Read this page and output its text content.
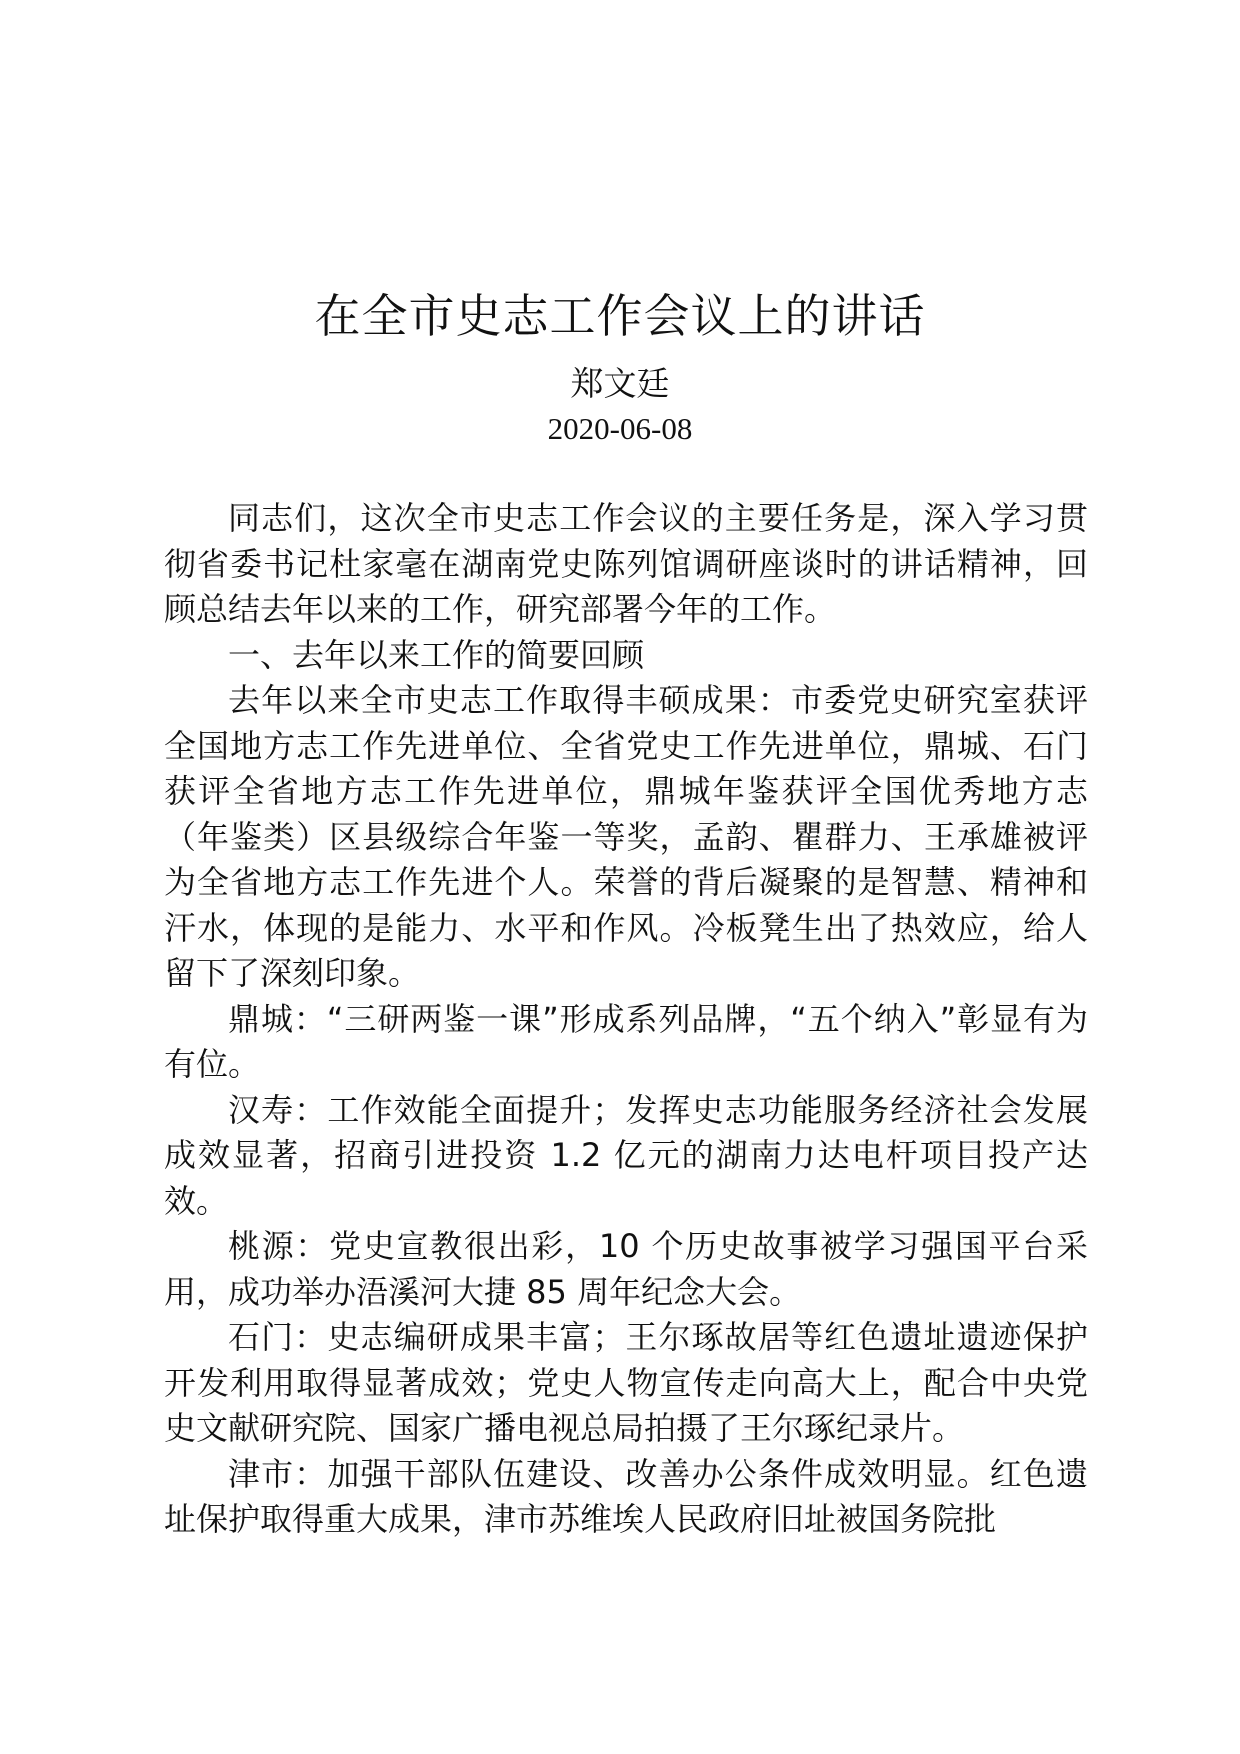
在全市史志工作会议上的讲话
郑文廷
2020-06-08

同志们，这次全市史志工作会议的主要任务是，深入学习贯彻省委书记杜家毫在湖南党史陈列馆调研座谈时的讲话精神，回顾总结去年以来的工作，研究部署今年的工作。

一、去年以来工作的简要回顾

去年以来全市史志工作取得丰硕成果：市委党史研究室获评全国地方志工作先进单位、全省党史工作先进单位，鼎城、石门获评全省地方志工作先进单位，鼎城年鉴获评全国优秀地方志（年鉴类）区县级综合年鉴一等奖，孟韵、瞿群力、王承雄被评为全省地方志工作先进个人。荣誉的背后凝聚的是智慧、精神和汗水，体现的是能力、水平和作风。冷板凳生出了热效应，给人留下了深刻印象。

鼎城：“三研两鉴一课”形成系列品牌，“五个纳入”彰显有为有位。

汉寿：工作效能全面提升；发挥史志功能服务经济社会发展成效显著，招商引进投资 1.2 亿元的湖南力达电杆项目投产达效。

桃源：党史宣教很出彩，10 个历史故事被学习强国平台采用，成功举办浯溪河大捷 85 周年纪念大会。

石门：史志编研成果丰富；王尔琢故居等红色遗址遗迹保护开发利用取得显著成效；党史人物宣传走向高大上，配合中央党史文献研究院、国家广播电视总局拍摄了王尔琢纪录片。

津市：加强干部队伍建设、改善办公条件成效明显。红色遗址保护取得重大成果，津市苏维埃人民政府旧址被国务院批
